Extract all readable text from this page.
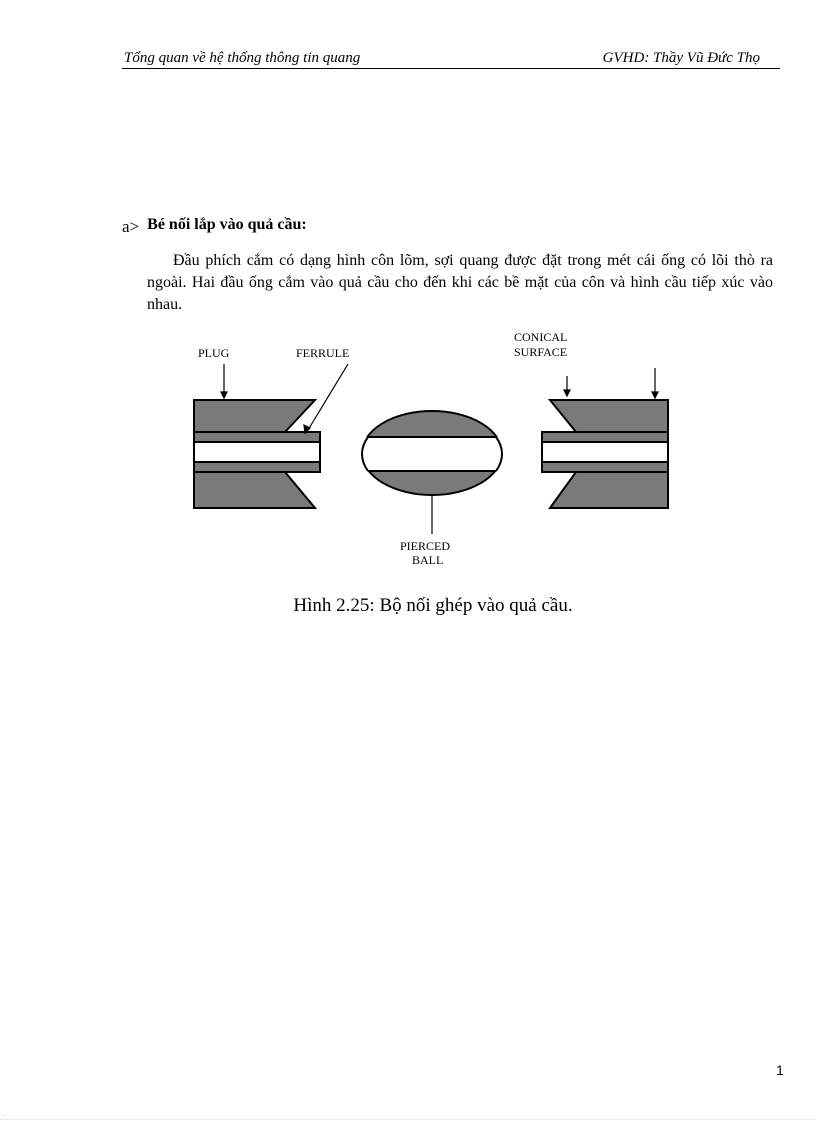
Tổng quan về hệ thống thông tin quang	GVHD: Thầy Vũ Đức Thọ
a> Bé nối lắp vào quả cầu:
Đầu phích cắm có dạng hình côn lõm, sợi quang được đặt trong mét cái ống có lõi thò ra ngoài. Hai đầu ống cắm vào quả cầu cho đến khi các bề mặt của côn và hình cầu tiếp xúc vào nhau.
PLUG	FERRULE
CONICAL
SURFACE
PIERCED
BALL
Hình 2.25: Bộ nối ghép vào quả cầu.
1
